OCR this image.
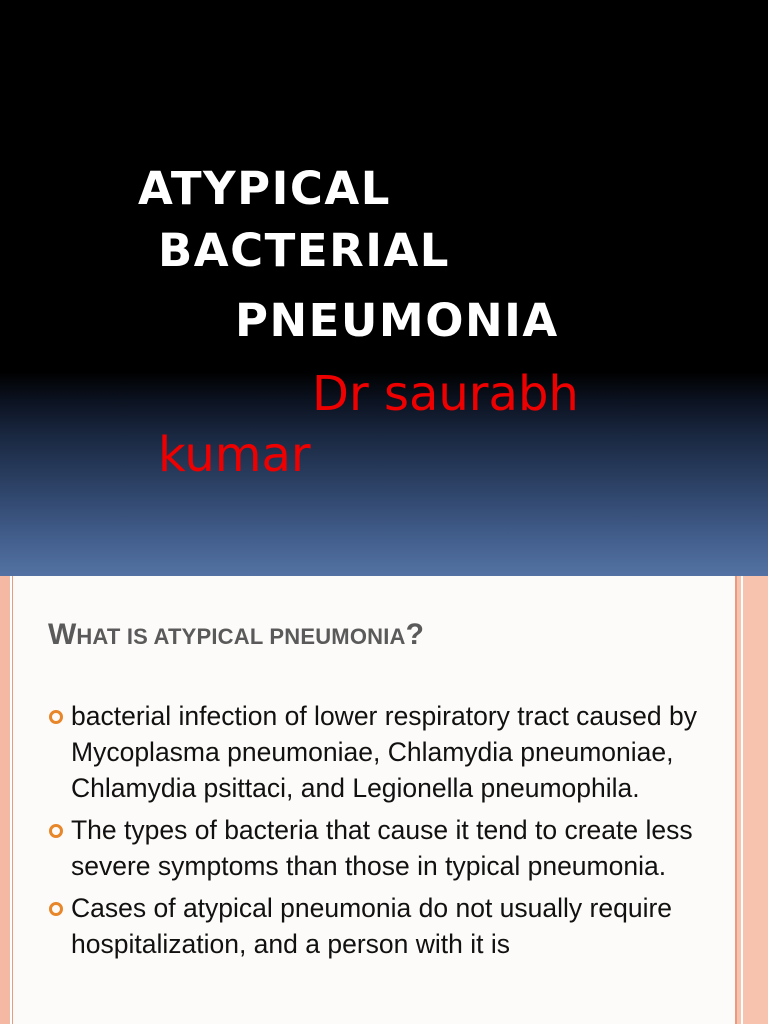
ATYPICAL
BACTERIAL
PNEUMONIA
Dr saurabh
kumar
WHAT IS ATYPICAL PNEUMONIA?
bacterial infection of lower respiratory tract caused by Mycoplasma pneumoniae, Chlamydia pneumoniae, Chlamydia psittaci, and Legionella pneumophila.
The types of bacteria that cause it tend to create less severe symptoms than those in typical pneumonia.
Cases of atypical pneumonia do not usually require hospitalization, and a person with it is
